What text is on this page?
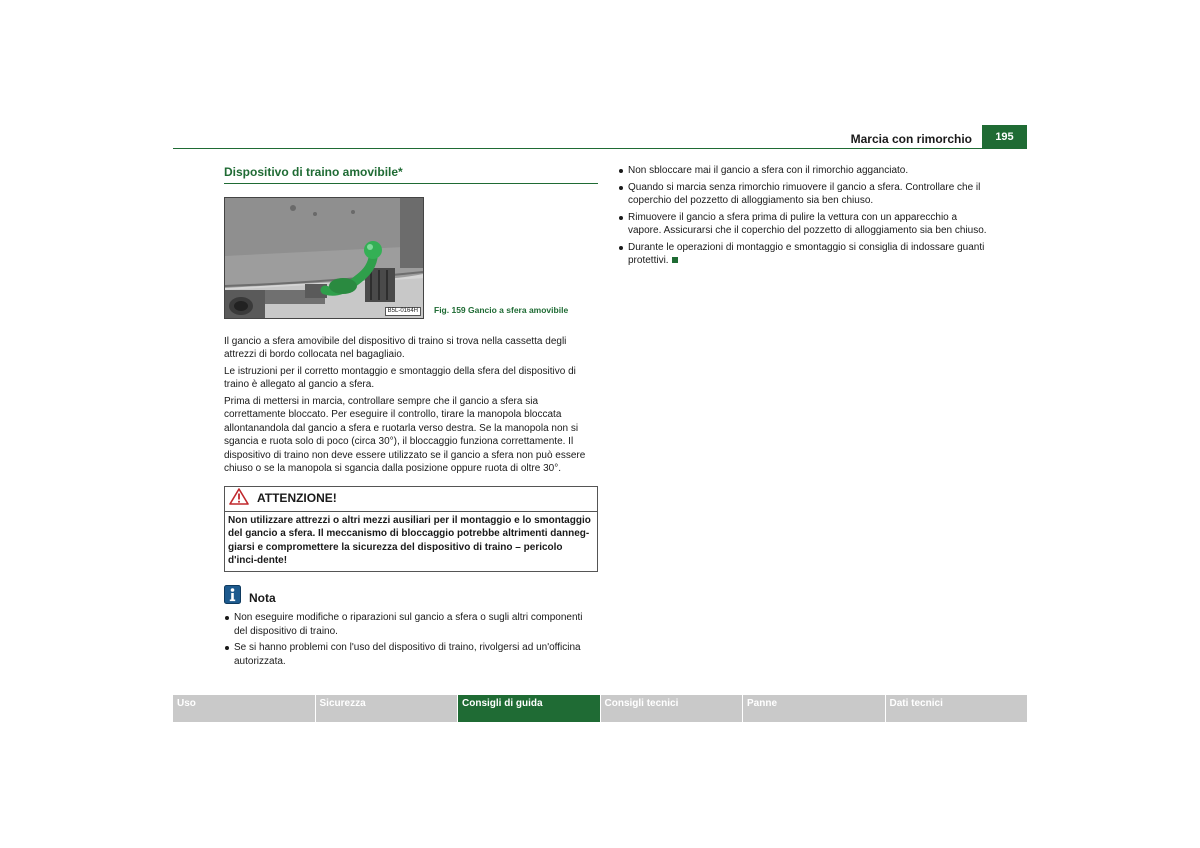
Marcia con rimorchio	195
Dispositivo di traino amovibile*
B5L-0164H	Fig. 159 Gancio a sfera amovibile

Il gancio a sfera amovibile del dispositivo di traino si trova nella cassetta degli attrezzi di bordo collocata nel bagagliaio.

Le istruzioni per il corretto montaggio e smontaggio della sfera del dispositivo di traino è allegato al gancio a sfera.

Prima di mettersi in marcia, controllare sempre che il gancio a sfera sia correttamente bloccato. Per eseguire il controllo, tirare la manopola bloccata allontanandola dal gancio a sfera e ruotarla verso destra. Se la manopola non si sgancia e ruota solo di poco (circa 30°), il bloccaggio funziona correttamente. Il dispositivo di traino non deve essere utilizzato se il gancio a sfera non può essere chiuso o se la manopola si sgancia dalla posizione oppure ruota di oltre 30°.

ATTENZIONE!
Non utilizzare attrezzi o altri mezzi ausiliari per il montaggio e lo smontaggio del gancio a sfera. Il meccanismo di bloccaggio potrebbe altrimenti danneg-giarsi e compromettere la sicurezza del dispositivo di traino – pericolo d'inci-dente!
Nota
Non eseguire modifiche o riparazioni sul gancio a sfera o sugli altri componenti del dispositivo di traino.
Se si hanno problemi con l'uso del dispositivo di traino, rivolgersi ad un'officina autorizzata.
Non sbloccare mai il gancio a sfera con il rimorchio agganciato.
Quando si marcia senza rimorchio rimuovere il gancio a sfera. Controllare che il coperchio del pozzetto di alloggiamento sia ben chiuso.
Rimuovere il gancio a sfera prima di pulire la vettura con un apparecchio a vapore. Assicurarsi che il coperchio del pozzetto di alloggiamento sia ben chiuso.
Durante le operazioni di montaggio e smontaggio si consiglia di indossare guanti protettivi.
Uso	Sicurezza	Consigli di guida	Consigli tecnici	Panne	Dati tecnici
